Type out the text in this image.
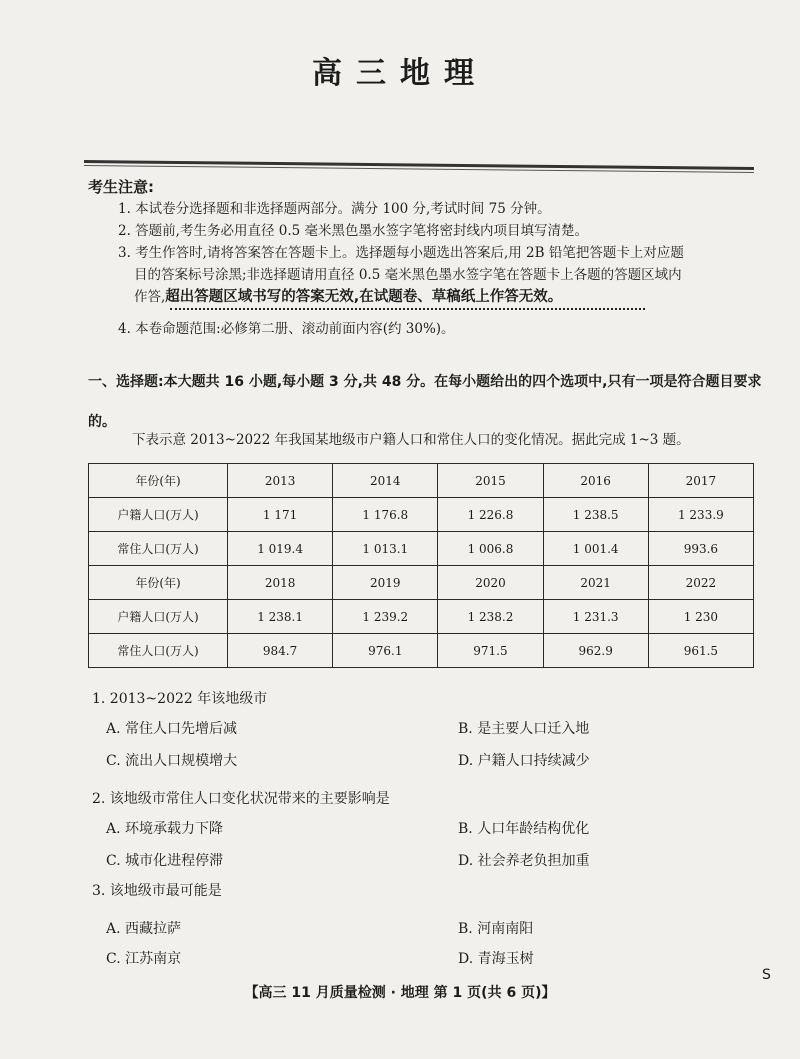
高三地理
考生注意:
1. 本试卷分选择题和非选择题两部分。满分 100 分,考试时间 75 分钟。
2. 答题前,考生务必用直径 0.5 毫米黑色墨水签字笔将密封线内项目填写清楚。
3. 考生作答时,请将答案答在答题卡上。选择题每小题选出答案后,用 2B 铅笔把答题卡上对应题
目的答案标号涂黑;非选择题请用直径 0.5 毫米黑色墨水签字笔在答题卡上各题的答题区域内
作答,超出答题区域书写的答案无效,在试题卷、草稿纸上作答无效。
4. 本卷命题范围:必修第二册、滚动前面内容(约 30%)。
一、选择题:本大题共 16 小题,每小题 3 分,共 48 分。在每小题给出的四个选项中,只有一项是符合题目要求的。
下表示意 2013~2022 年我国某地级市户籍人口和常住人口的变化情况。据此完成 1~3 题。
年份(年)	2013	2014	2015	2016	2017
户籍人口(万人)	1 171	1 176.8	1 226.8	1 238.5	1 233.9
常住人口(万人)	1 019.4	1 013.1	1 006.8	1 001.4	993.6
年份(年)	2018	2019	2020	2021	2022
户籍人口(万人)	1 238.1	1 239.2	1 238.2	1 231.3	1 230
常住人口(万人)	984.7	976.1	971.5	962.9	961.5
1. 2013~2022 年该地级市
A. 常住人口先增后减	B. 是主要人口迁入地
C. 流出人口规模增大	D. 户籍人口持续减少
2. 该地级市常住人口变化状况带来的主要影响是
A. 环境承载力下降	B. 人口年龄结构优化
C. 城市化进程停滞	D. 社会养老负担加重
3. 该地级市最可能是
A. 西藏拉萨	B. 河南南阳
C. 江苏南京	D. 青海玉树
【高三 11 月质量检测 · 地理 第 1 页(共 6 页)】
S
